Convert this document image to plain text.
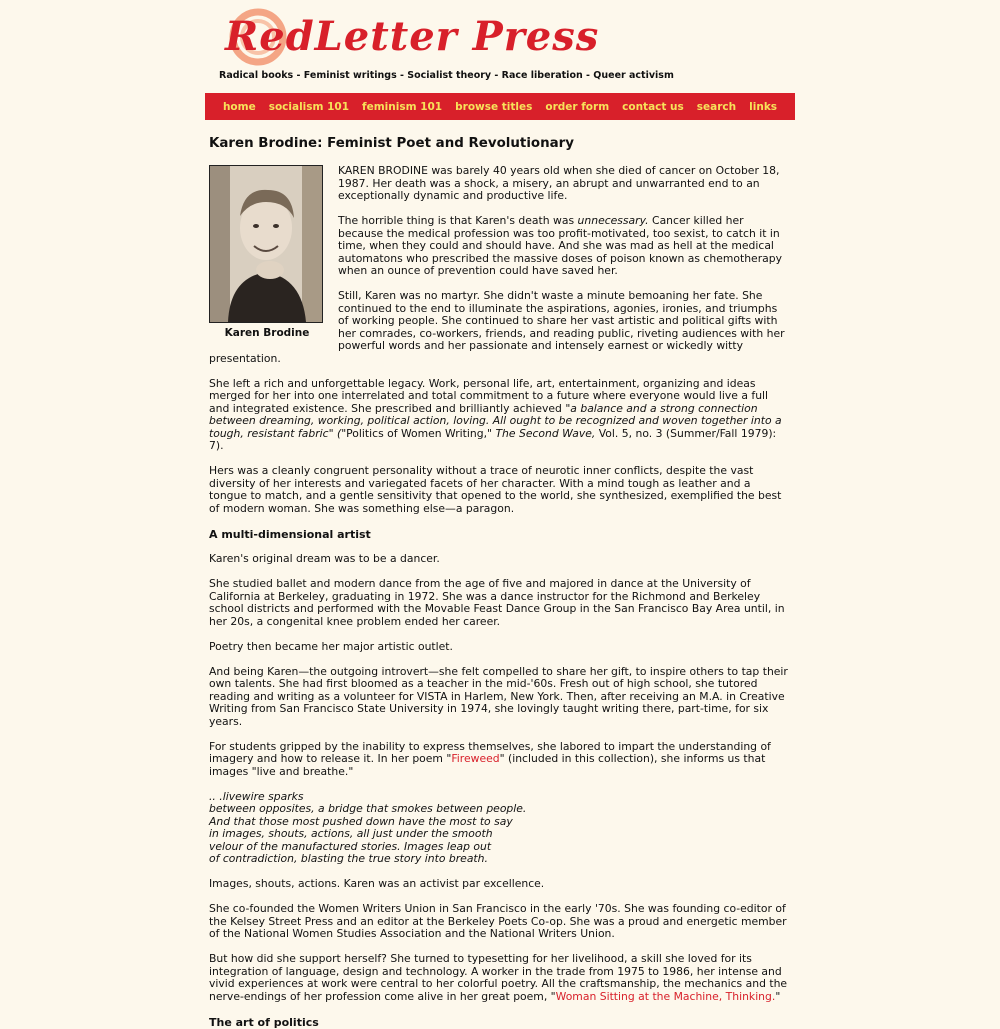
RedLetter Press
Radical books - Feminist writings - Socialist theory - Race liberation - Queer activism
home	socialism 101	feminism 101	browse titles	order form	contact us	search	links
Karen Brodine: Feminist Poet and Revolutionary
Karen Brodine

KAREN BRODINE was barely 40 years old when she died of cancer on October 18, 1987. Her death was a shock, a misery, an abrupt and unwarranted end to an exceptionally dynamic and productive life.

The horrible thing is that Karen's death was unnecessary. Cancer killed her because the medical profession was too profit-motivated, too sexist, to catch it in time, when they could and should have. And she was mad as hell at the medical automatons who prescribed the massive doses of poison known as chemotherapy when an ounce of prevention could have saved her.

Still, Karen was no martyr. She didn't waste a minute bemoaning her fate. She continued to the end to illuminate the aspirations, agonies, ironies, and triumphs of working people. She continued to share her vast artistic and political gifts with her comrades, co-workers, friends, and reading public, riveting audiences with her powerful words and her passionate and intensely earnest or wickedly witty presentation.

She left a rich and unforgettable legacy. Work, personal life, art, entertainment, organizing and ideas merged for her into one interrelated and total commitment to a future where everyone would live a full and integrated existence. She prescribed and brilliantly achieved "a balance and a strong connection between dreaming, working, political action, loving. All ought to be recognized and woven together into a tough, resistant fabric" ("Politics of Women Writing," The Second Wave, Vol. 5, no. 3 (Summer/Fall 1979): 7).

Hers was a cleanly congruent personality without a trace of neurotic inner conflicts, despite the vast diversity of her interests and variegated facets of her character. With a mind tough as leather and a tongue to match, and a gentle sensitivity that opened to the world, she synthesized, exemplified the best of modern woman. She was something else—a paragon.

A multi-dimensional artist

Karen's original dream was to be a dancer.

She studied ballet and modern dance from the age of five and majored in dance at the University of California at Berkeley, graduating in 1972. She was a dance instructor for the Richmond and Berkeley school districts and performed with the Movable Feast Dance Group in the San Francisco Bay Area until, in her 20s, a congenital knee problem ended her career.

Poetry then became her major artistic outlet.

And being Karen—the outgoing introvert—she felt compelled to share her gift, to inspire others to tap their own talents. She had first bloomed as a teacher in the mid-'60s. Fresh out of high school, she tutored reading and writing as a volunteer for VISTA in Harlem, New York. Then, after receiving an M.A. in Creative Writing from San Francisco State University in 1974, she lovingly taught writing there, part-time, for six years.

For students gripped by the inability to express themselves, she labored to impart the understanding of imagery and how to release it. In her poem "Fireweed" (included in this collection), she informs us that images "live and breathe."

.. .livewire sparks
between opposites, a bridge that smokes between people.
And that those most pushed down have the most to say
in images, shouts, actions, all just under the smooth
velour of the manufactured stories. Images leap out
of contradiction, blasting the true story into breath.

Images, shouts, actions. Karen was an activist par excellence.

She co-founded the Women Writers Union in San Francisco in the early '70s. She was founding co-editor of the Kelsey Street Press and an editor at the Berkeley Poets Co-op. She was a proud and energetic member of the National Women Studies Association and the National Writers Union.

But how did she support herself? She turned to typesetting for her livelihood, a skill she loved for its integration of language, design and technology. A worker in the trade from 1975 to 1986, her intense and vivid experiences at work were central to her colorful poetry. All the craftsmanship, the mechanics and the nerve-endings of her profession come alive in her great poem, "Woman Sitting at the Machine, Thinking."

The art of politics
